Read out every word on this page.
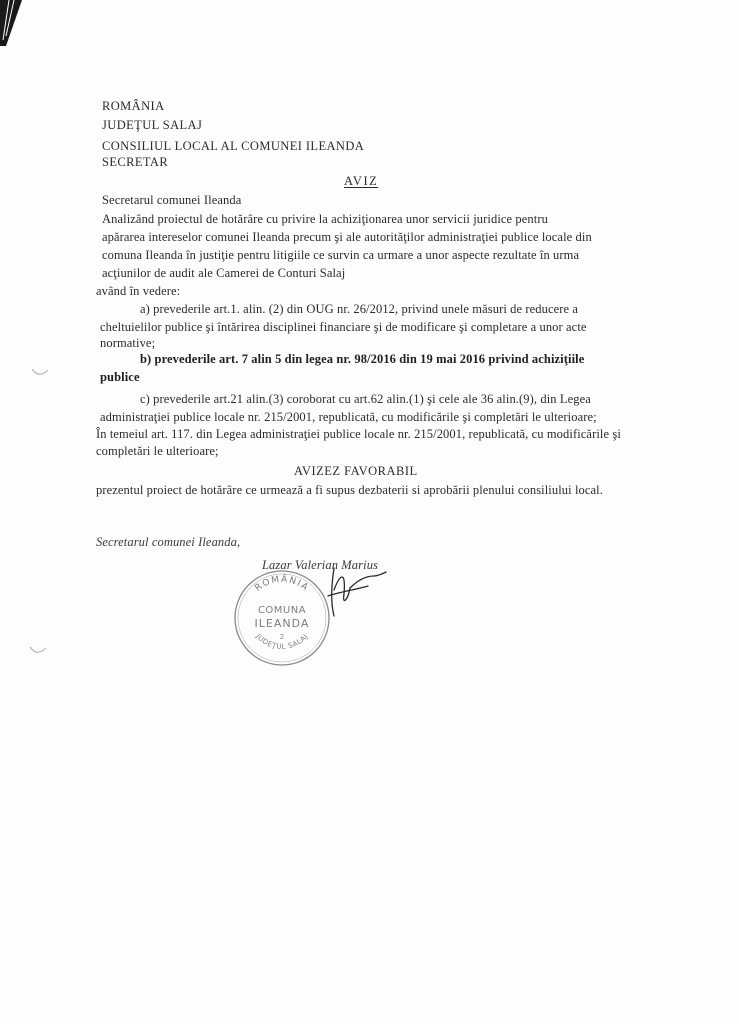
ROMÂNIA
JUDEŢUL SALAJ
CONSILIUL LOCAL AL COMUNEI ILEANDA
SECRETAR
AVIZ
Secretarul comunei Ileanda
Analizând proiectul de hotărâre cu privire la achiziţionarea unor servicii juridice pentru
apărarea intereselor comunei Ileanda precum şi ale autorităţilor administraţiei publice locale din
comuna Ileanda în justiţie pentru litigiile ce survin ca urmare a unor aspecte rezultate în urma
acţiunilor de audit ale Camerei de Conturi Salaj
având în vedere:
a) prevederile art.1. alin. (2) din OUG nr. 26/2012, privind unele măsuri de reducere a
cheltuielilor publice şi întărirea disciplinei financiare şi de modificare şi completare a unor acte
normative;
b) prevederile art. 7 alin 5 din legea nr. 98/2016 din 19 mai 2016 privind achiziţiile
publice
c) prevederile art.21 alin.(3) coroborat cu art.62 alin.(1) şi cele ale 36 alin.(9), din Legea
administraţiei publice locale nr. 215/2001, republicată, cu modificările şi completări le ulterioare;
În temeiul art. 117. din Legea administraţiei publice locale nr. 215/2001, republicată, cu modificările şi
completări le ulterioare;
AVIZEZ FAVORABIL
prezentul proiect de hotărâre ce urmează a fi supus dezbaterii si aprobării plenului consiliului local.
Secretarul comunei Ileanda,
Lazar Valerian Marius
ROMÂNIA
JUDEŢUL SALAJ
COMUNA
ILEANDA
2
